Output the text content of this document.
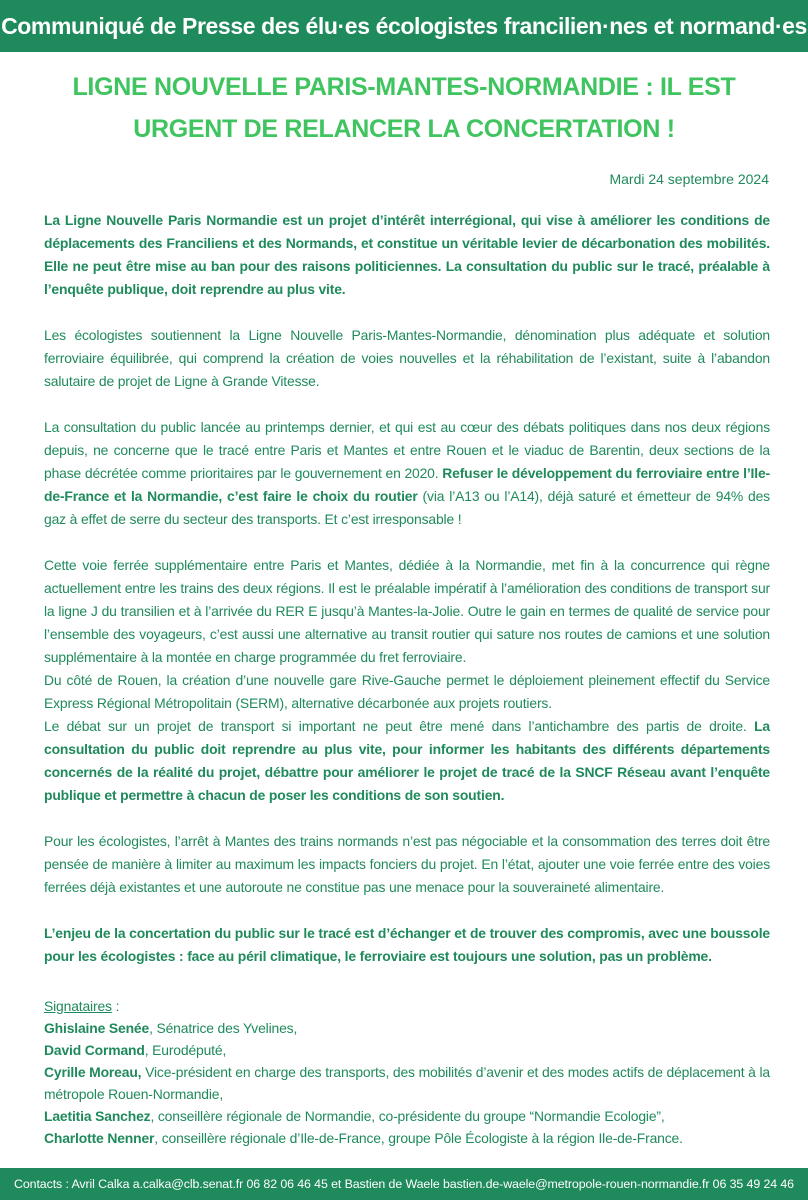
Communiqué de Presse des élu·es écologistes francilien·nes et normand·es
LIGNE NOUVELLE PARIS-MANTES-NORMANDIE : IL EST
URGENT DE RELANCER LA CONCERTATION !
Mardi 24 septembre 2024

La Ligne Nouvelle Paris Normandie est un projet d’intérêt interrégional, qui vise à améliorer les conditions de déplacements des Franciliens et des Normands, et constitue un véritable levier de décarbonation des mobilités. Elle ne peut être mise au ban pour des raisons politiciennes. La consultation du public sur le tracé, préalable à l’enquête publique, doit reprendre au plus vite.

Les écologistes soutiennent la Ligne Nouvelle Paris-Mantes-Normandie, dénomination plus adéquate et solution ferroviaire équilibrée, qui comprend la création de voies nouvelles et la réhabilitation de l’existant, suite à l’abandon salutaire de projet de Ligne à Grande Vitesse.

La consultation du public lancée au printemps dernier, et qui est au cœur des débats politiques dans nos deux régions depuis, ne concerne que le tracé entre Paris et Mantes et entre Rouen et le viaduc de Barentin, deux sections de la phase décrétée comme prioritaires par le gouvernement en 2020. Refuser le développement du ferroviaire entre l’Ile-de-France et la Normandie, c’est faire le choix du routier (via l’A13 ou l’A14), déjà saturé et émetteur de 94% des gaz à effet de serre du secteur des transports. Et c’est irresponsable !

Cette voie ferrée supplémentaire entre Paris et Mantes, dédiée à la Normandie, met fin à la concurrence qui règne actuellement entre les trains des deux régions. Il est le préalable impératif à l’amélioration des conditions de transport sur la ligne J du transilien et à l’arrivée du RER E jusqu’à Mantes-la-Jolie. Outre le gain en termes de qualité de service pour l’ensemble des voyageurs, c’est aussi une alternative au transit routier qui sature nos routes de camions et une solution supplémentaire à la montée en charge programmée du fret ferroviaire.

Du côté de Rouen, la création d’une nouvelle gare Rive-Gauche permet le déploiement pleinement effectif du Service Express Régional Métropolitain (SERM), alternative décarbonée aux projets routiers.

Le débat sur un projet de transport si important ne peut être mené dans l’antichambre des partis de droite. La consultation du public doit reprendre au plus vite, pour informer les habitants des différents départements concernés de la réalité du projet, débattre pour améliorer le projet de tracé de la SNCF Réseau avant l’enquête publique et permettre à chacun de poser les conditions de son soutien.

Pour les écologistes, l’arrêt à Mantes des trains normands n’est pas négociable et la consommation des terres doit être pensée de manière à limiter au maximum les impacts fonciers du projet. En l’état, ajouter une voie ferrée entre des voies ferrées déjà existantes et une autoroute ne constitue pas une menace pour la souveraineté alimentaire.

L’enjeu de la concertation du public sur le tracé est d’échanger et de trouver des compromis, avec une boussole pour les écologistes : face au péril climatique, le ferroviaire est toujours une solution, pas un problème.

Signataires :
Ghislaine Senée, Sénatrice des Yvelines,
David Cormand, Eurodéputé,
Cyrille Moreau, Vice-président en charge des transports, des mobilités d’avenir et des modes actifs de déplacement à la métropole Rouen-Normandie,
Laetitia Sanchez, conseillère régionale de Normandie, co-présidente du groupe “Normandie Ecologie”,
Charlotte Nenner, conseillère régionale d’Ile-de-France, groupe Pôle Écologiste à la région Ile-de-France.
Contacts : Avril Calka a.calka@clb.senat.fr 06 82 06 46 45 et Bastien de Waele bastien.de-waele@metropole-rouen-normandie.fr 06 35 49 24 46
